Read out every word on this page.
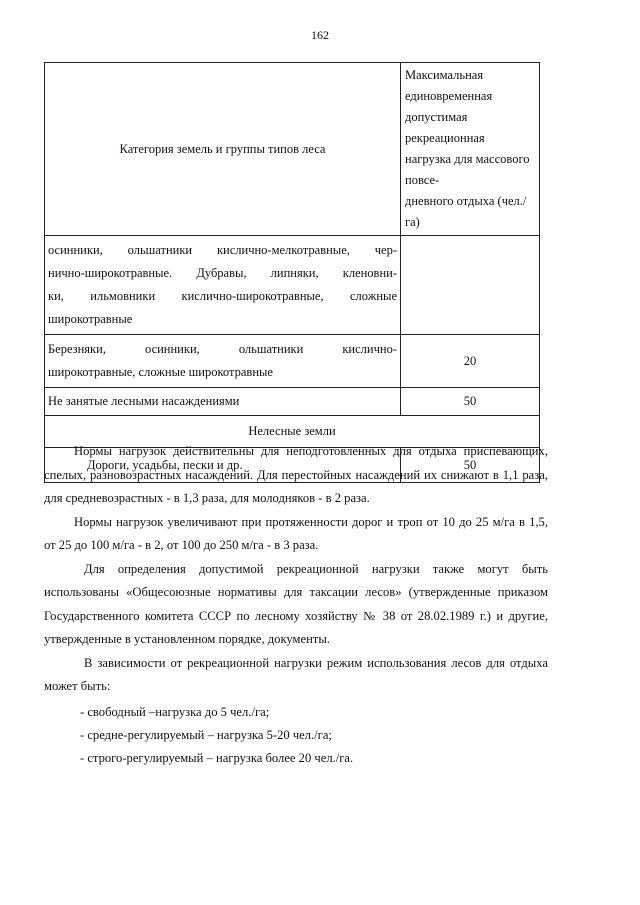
162
Категория земель и группы типов леса	Максимальная единовременная
допустимая рекреационная
нагрузка для массового повсе-
дневного отдыха (чел./га)

осинники, ольшатники кислично-мелкотравные, чер-
нично-широкотравные. Дубравы, липняки, кленовни-
ки, ильмовники кислично-широкотравные, сложные
широкотравные	

Березняки, осинники, ольшатники кислично-
широкотравные, сложные широкотравные	20
Не занятые лесными насаждениями	50
Нелесные земли	
Дороги, усадьбы, пески и др.	50

Нормы нагрузок действительны для неподготовленных для отдыха приспевающих, спелых, разновозрастных насаждений. Для перестойных насаждений их снижают в 1,1 раза, для средневозрастных - в 1,3 раза, для молодняков - в 2 раза.

Нормы нагрузок увеличивают при протяженности дорог и троп от 10 до 25 м/га в 1,5, от 25 до 100 м/га - в 2, от 100 до 250 м/га - в 3 раза.

Для определения допустимой рекреационной нагрузки также могут быть использованы «Общесоюзные нормативы для таксации лесов» (утвержденные приказом Государственного комитета СССР по лесному хозяйству № 38 от 28.02.1989 г.) и другие, утвержденные в установленном порядке, документы.

В зависимости от рекреационной нагрузки режим использования лесов для отдыха может быть:

- свободный –нагрузка до 5 чел./га;

- средне-регулируемый – нагрузка 5-20 чел./га;

- строго-регулируемый – нагрузка более 20 чел./га.
